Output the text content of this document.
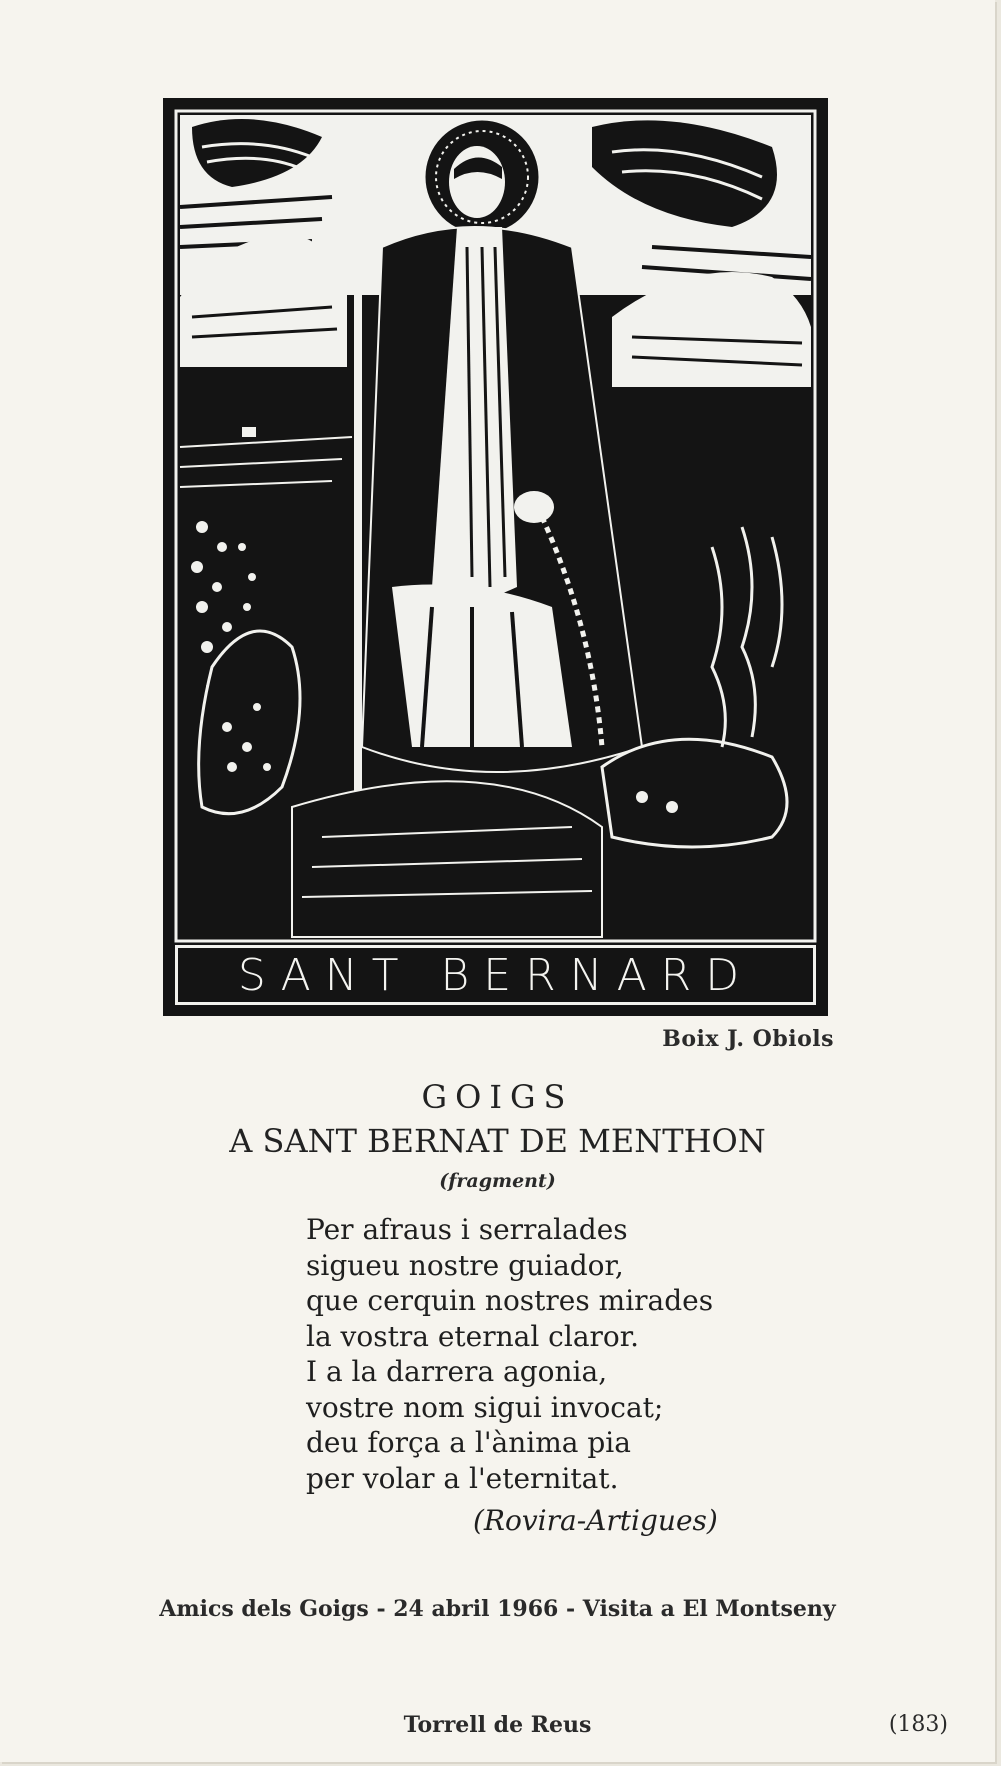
SANT BERNARD
Boix J. Obiols
GOIGS
A SANT BERNAT DE MENTHON
(fragment)
Per afraus i serralades
sigueu nostre guiador,
que cerquin nostres mirades
la vostra eternal claror.
I a la darrera agonia,
vostre nom sigui invocat;
deu força a l'ànima pia
per volar a l'eternitat.
(Rovira-Artigues)
Amics dels Goigs - 24 abril 1966 - Visita a El Montseny
Torrell de Reus	(183)
